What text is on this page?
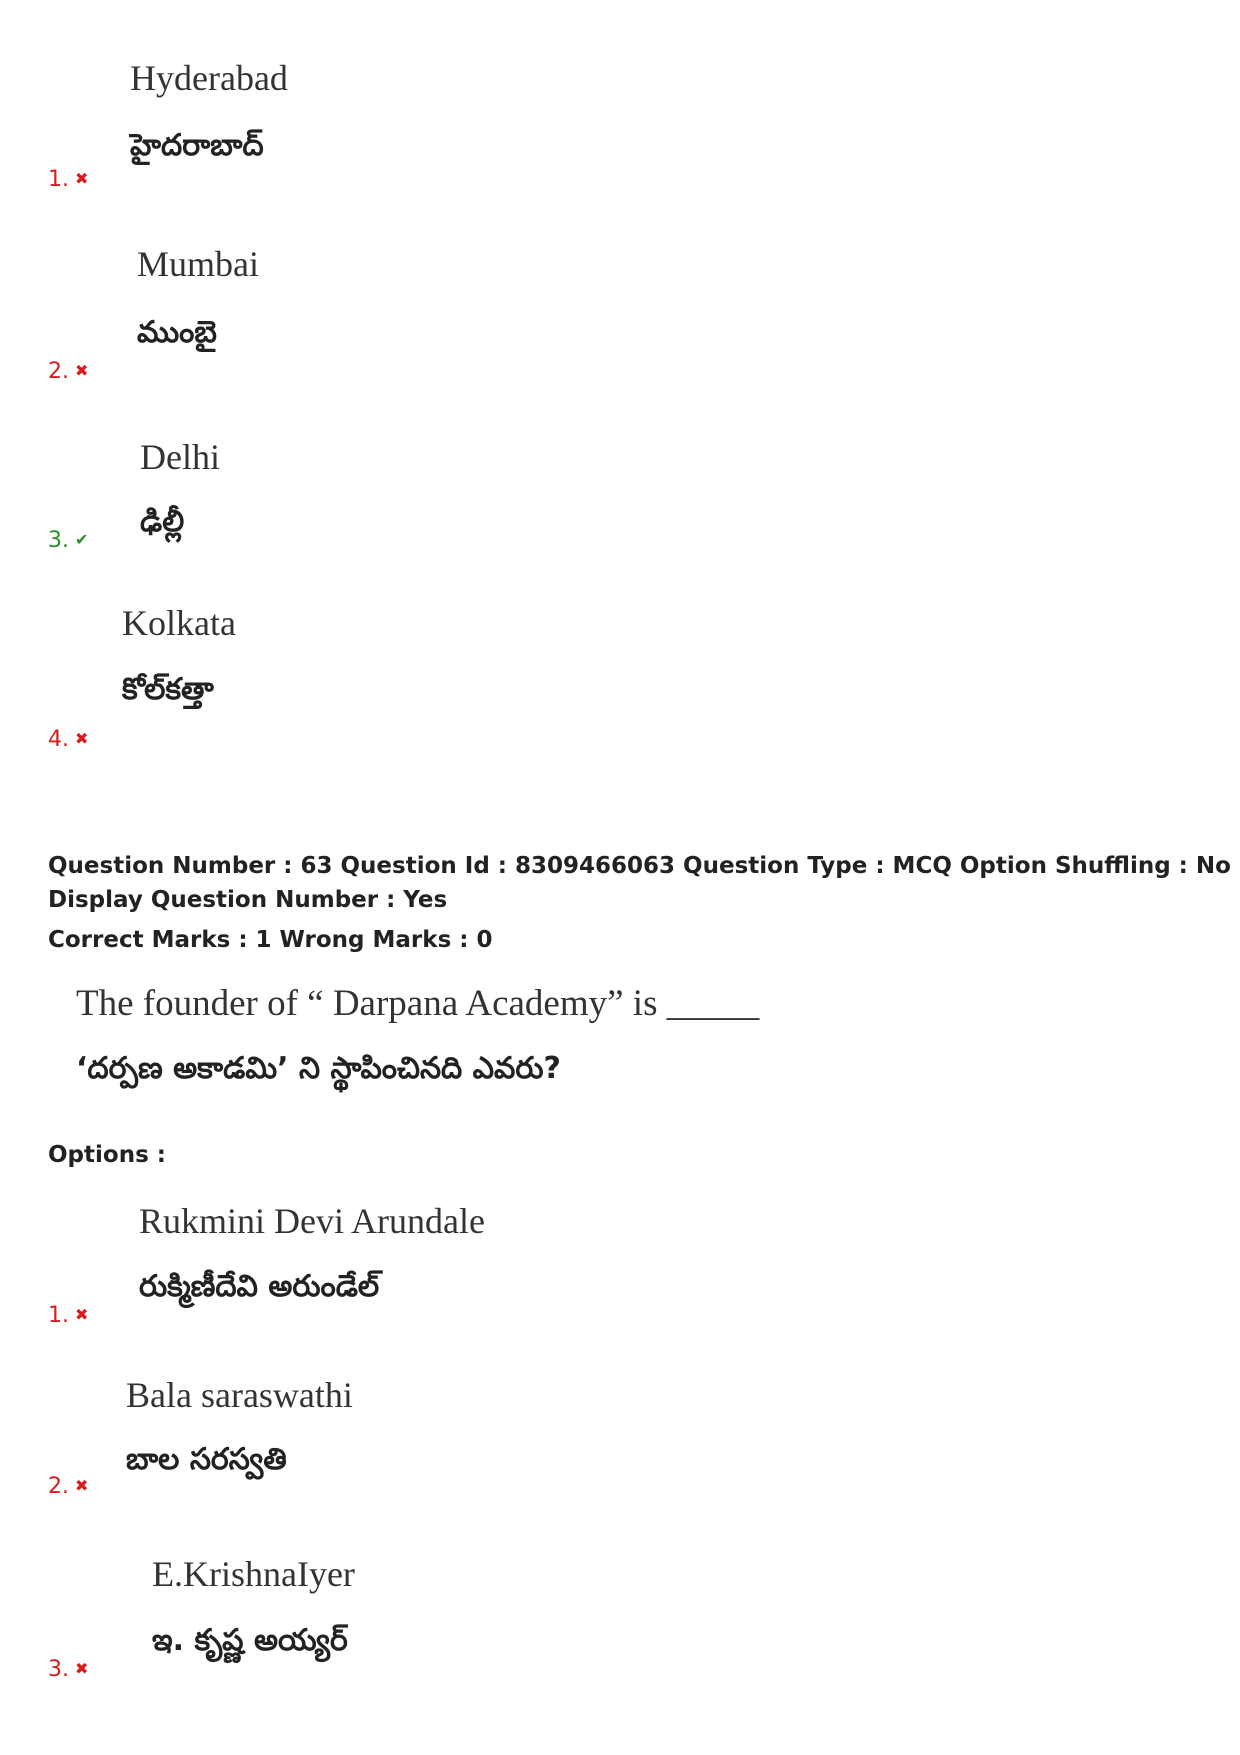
Hyderabad
హైదరాబాద్
1. ✖
Mumbai
ముంబై
2. ✖
Delhi
ఢిల్లీ
3. ✔
Kolkata
కోల్‌కత్తా
4. ✖
Question Number : 63 Question Id : 8309466063 Question Type : MCQ Option Shuffling : No
Display Question Number : Yes
Correct Marks : 1 Wrong Marks : 0
The founder of “ Darpana Academy” is _____
‘దర్పణ అకాడమి’ ని స్థాపించినది ఎవరు?
Options :
Rukmini Devi Arundale
రుక్మిణీదేవి అరుండేల్
1. ✖
Bala saraswathi
బాల సరస్వతి
2. ✖
E.KrishnaIyer
ఇ. కృష్ణ అయ్యర్
3. ✖
